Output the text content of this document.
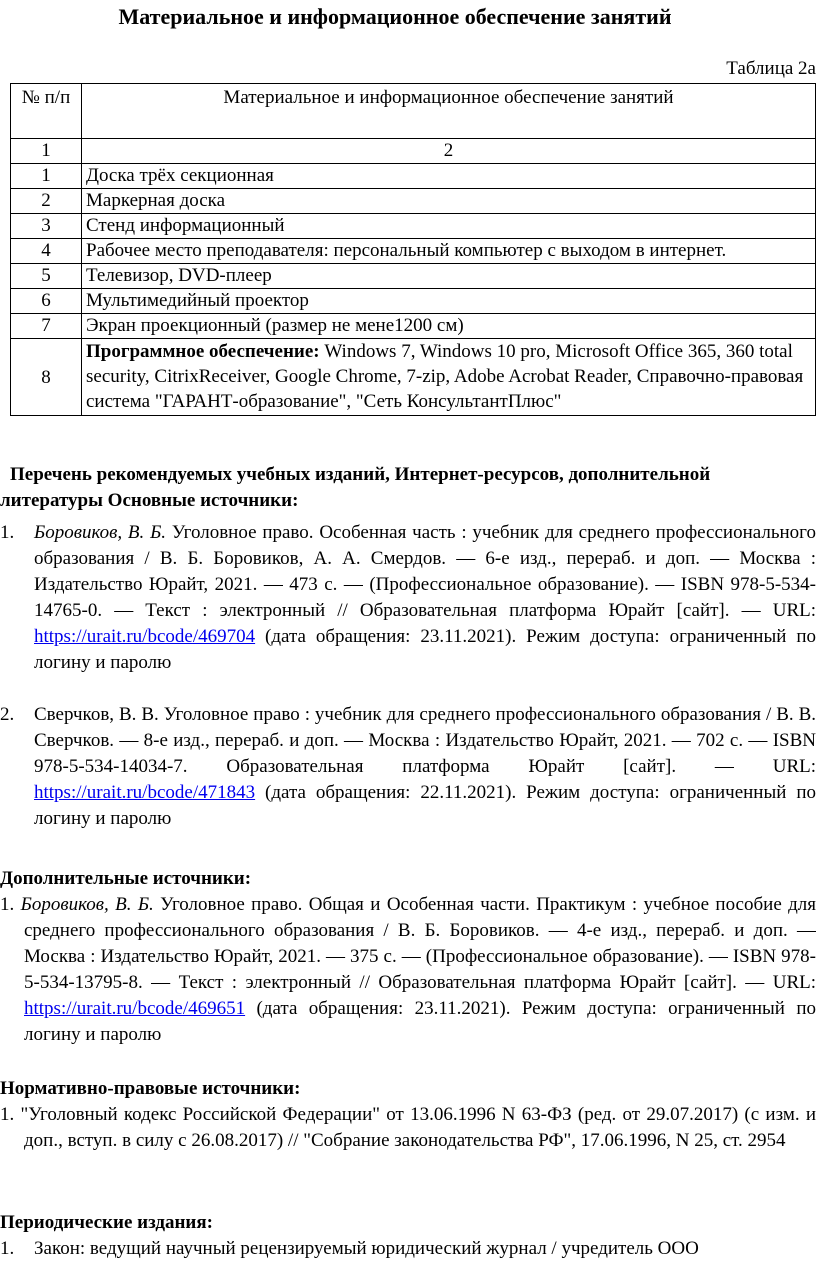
Материальное и информационное обеспечение занятий
Таблица 2а
№ п/п	Материальное и информационное обеспечение занятий
1	2
1	Доска трёх секционная
2	Маркерная доска
3	Стенд информационный
4	Рабочее место преподавателя: персональный компьютер с выходом в интернет.
5	Телевизор, DVD-плеер
6	Мультимедийный проектор
7	Экран проекционный (размер не мене1200 см)
8	Программное обеспечение: Windows 7, Windows 10 pro, Microsoft Office 365, 360 total security, CitrixReceiver, Google Chrome, 7-zip, Adobe Acrobat Reader, Справочно-правовая система "ГАРАНТ-образование", "Сеть КонсультантПлюс"
Перечень рекомендуемых учебных изданий, Интернет-ресурсов, дополнительной литературы Основные источники:
1. Боровиков, В. Б. Уголовное право. Особенная часть : учебник для среднего профессионального образования / В. Б. Боровиков, А. А. Смердов. — 6-е изд., перераб. и доп. — Москва : Издательство Юрайт, 2021. — 473 с. — (Профессиональное образование). — ISBN 978-5-534-14765-0. — Текст : электронный // Образовательная платформа Юрайт [сайт]. — URL: https://urait.ru/bcode/469704 (дата обращения: 23.11.2021). Режим доступа: ограниченный по логину и паролю
2. Сверчков, В. В. Уголовное право : учебник для среднего профессионального образования / В. В. Сверчков. — 8-е изд., перераб. и доп. — Москва : Издательство Юрайт, 2021. — 702 с. — ISBN 978-5-534-14034-7. Образовательная платформа Юрайт [сайт]. — URL: https://urait.ru/bcode/471843 (дата обращения: 22.11.2021). Режим доступа: ограниченный по логину и паролю
Дополнительные источники:
1. Боровиков, В. Б. Уголовное право. Общая и Особенная части. Практикум : учебное пособие для среднего профессионального образования / В. Б. Боровиков. — 4-е изд., перераб. и доп. — Москва : Издательство Юрайт, 2021. — 375 с. — (Профессиональное образование). — ISBN 978-5-534-13795-8. — Текст : электронный // Образовательная платформа Юрайт [сайт]. — URL: https://urait.ru/bcode/469651 (дата обращения: 23.11.2021). Режим доступа: ограниченный по логину и паролю
Нормативно-правовые источники:
1. "Уголовный кодекс Российской Федерации" от 13.06.1996 N 63-ФЗ (ред. от 29.07.2017) (с изм. и доп., вступ. в силу с 26.08.2017) // "Собрание законодательства РФ", 17.06.1996, N 25, ст. 2954
Периодические издания:
1. Закон: ведущий научный рецензируемый юридический журнал / учредитель ООО
